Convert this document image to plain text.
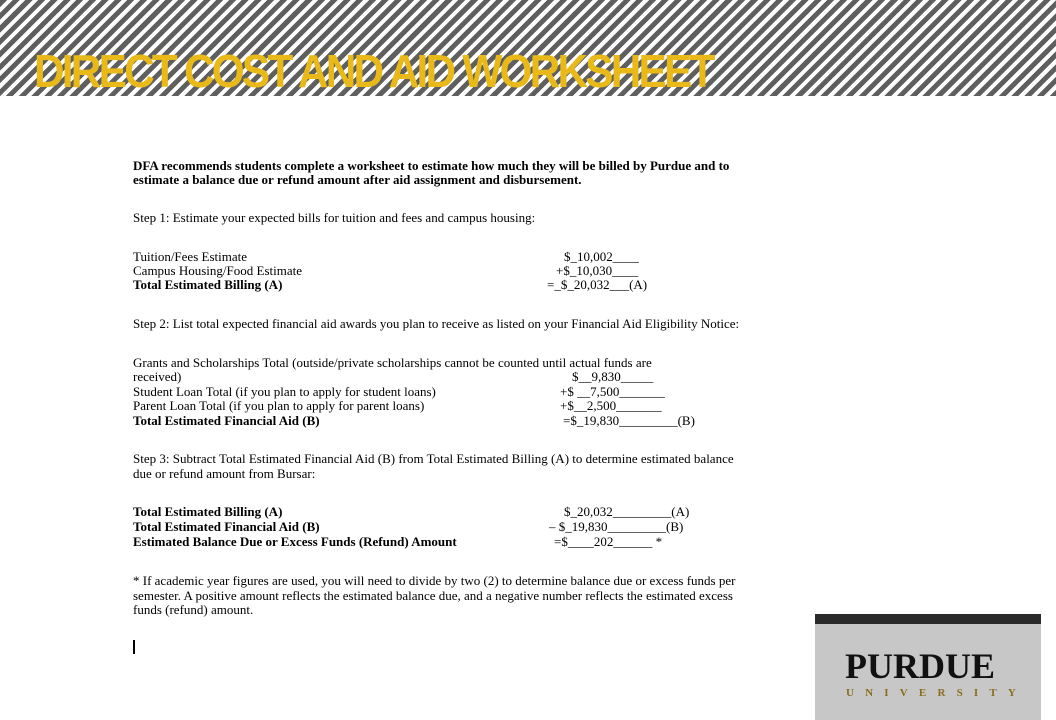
DIRECT COST AND AID WORKSHEET
DFA recommends students complete a worksheet to estimate how much they will be billed by Purdue and to
estimate a balance due or refund amount after aid assignment and disbursement.
Step 1: Estimate your expected bills for tuition and fees and campus housing:
Tuition/Fees Estimate	$_10,002____
Campus Housing/Food Estimate	+$_10,030____
Total Estimated Billing (A)	=_$_20,032___(A)
Step 2: List total expected financial aid awards you plan to receive as listed on your Financial Aid Eligibility Notice:
Grants and Scholarships Total (outside/private scholarships cannot be counted until actual funds are
received)	$__9,830_____
Student Loan Total (if you plan to apply for student loans)	+$ __7,500_______
Parent Loan Total (if you plan to apply for parent loans)	+$__2,500_______
Total Estimated Financial Aid (B)	=$_19,830_________(B)
Step 3: Subtract Total Estimated Financial Aid (B) from Total Estimated Billing (A) to determine estimated balance
due or refund amount from Bursar:
Total Estimated Billing (A)	$_20,032_________(A)
Total Estimated Financial Aid (B)	– $_19,830_________(B)
Estimated Balance Due or Excess Funds (Refund) Amount	=$____202______ *
* If academic year figures are used, you will need to divide by two (2) to determine balance due or excess funds per
semester. A positive amount reflects the estimated balance due, and a negative number reflects the estimated excess
funds (refund) amount.
PURDUE
UNIVERSITY
